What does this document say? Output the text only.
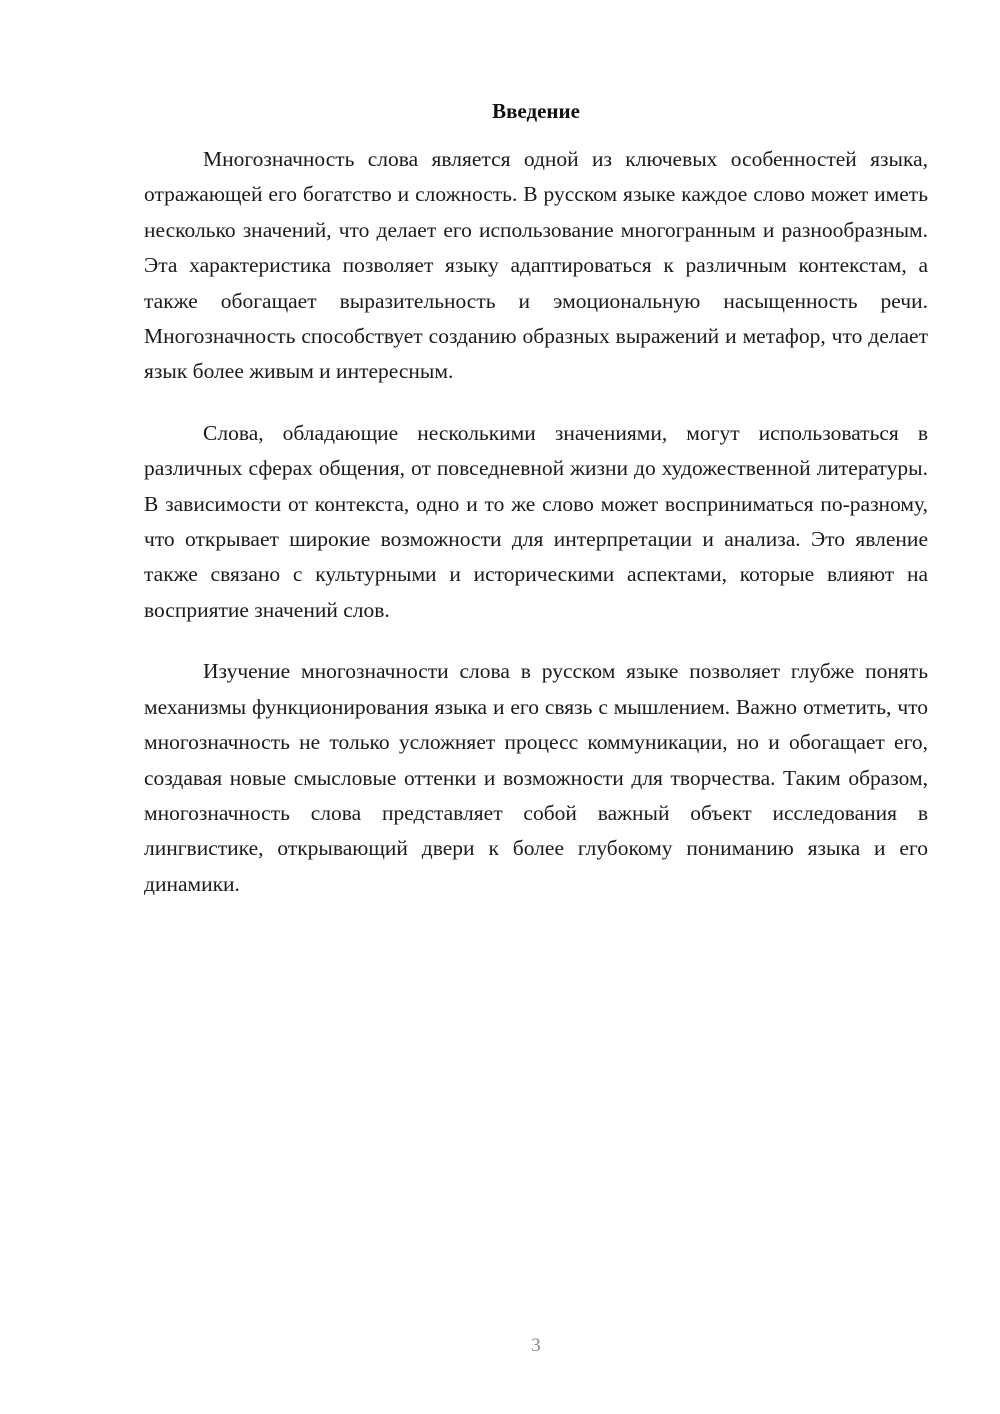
Введение

Многозначность слова является одной из ключевых особенностей языка, отражающей его богатство и сложность. В русском языке каждое слово может иметь несколько значений, что делает его использование многогранным и разнообразным. Эта характеристика позволяет языку адаптироваться к различным контекстам, а также обогащает выразительность и эмоциональную насыщенность речи. Многозначность способствует созданию образных выражений и метафор, что делает язык более живым и интересным.

Слова, обладающие несколькими значениями, могут использоваться в различных сферах общения, от повседневной жизни до художественной литературы. В зависимости от контекста, одно и то же слово может восприниматься по-разному, что открывает широкие возможности для интерпретации и анализа. Это явление также связано с культурными и историческими аспектами, которые влияют на восприятие значений слов.

Изучение многозначности слова в русском языке позволяет глубже понять механизмы функционирования языка и его связь с мышлением. Важно отметить, что многозначность не только усложняет процесс коммуникации, но и обогащает его, создавая новые смысловые оттенки и возможности для творчества. Таким образом, многозначность слова представляет собой важный объект исследования в лингвистике, открывающий двери к более глубокому пониманию языка и его динамики.

3
